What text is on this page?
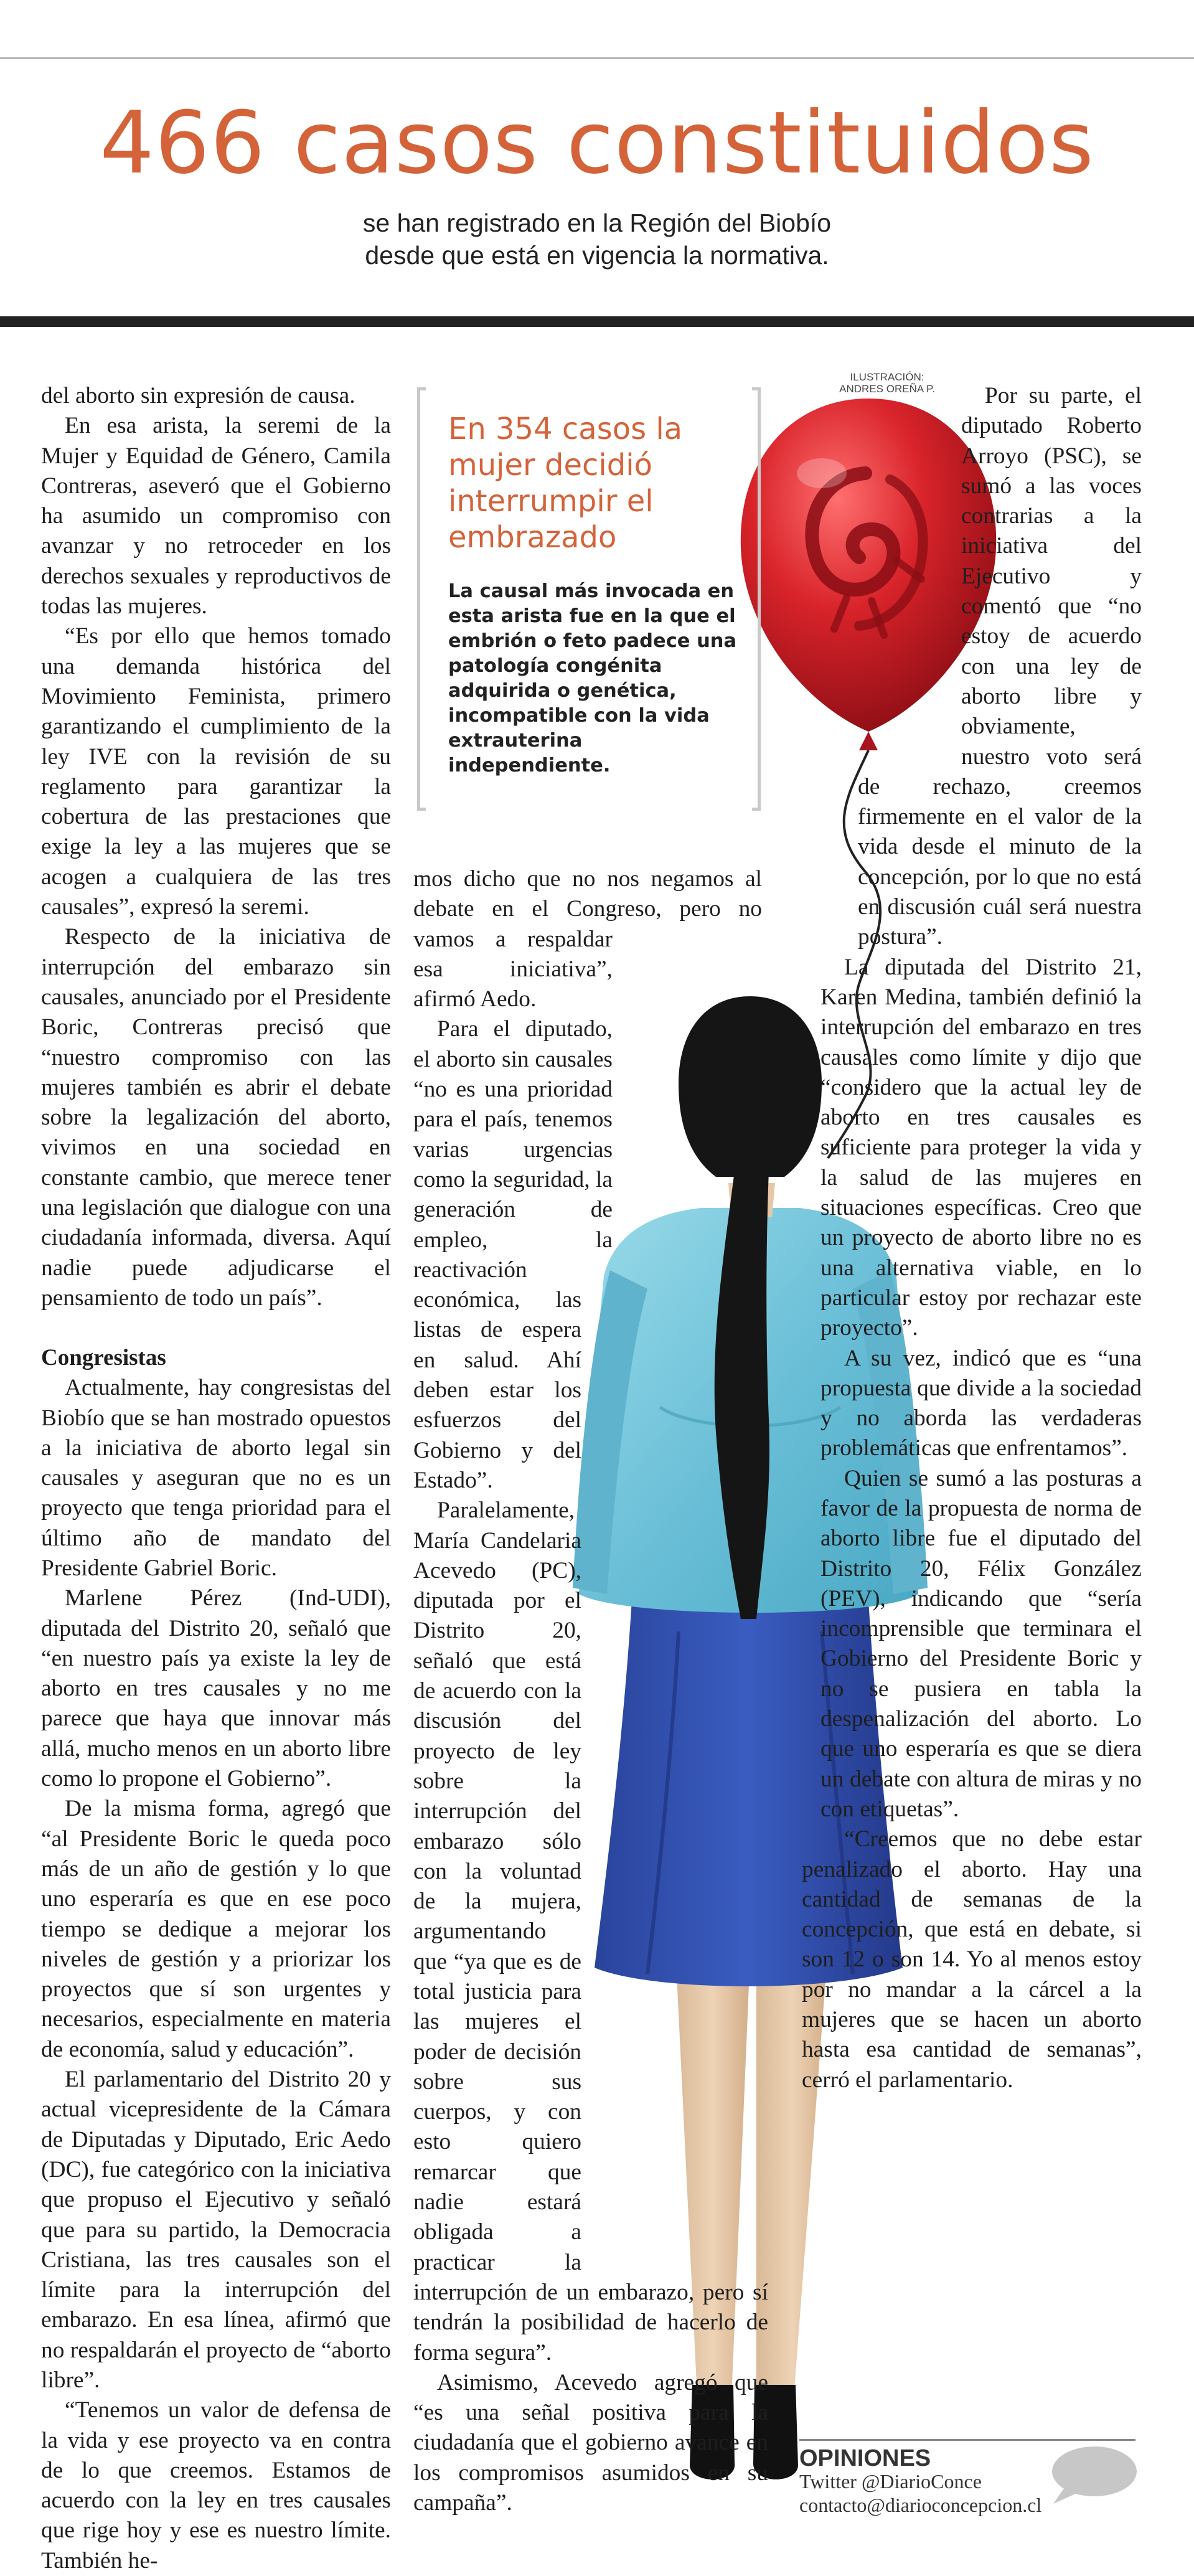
466 casos constituidos
se han registrado en la Región del Biobío
desde que está en vigencia la normativa.
ILUSTRACIÓN:
ANDRES OREÑA P.
En 354 casos la mujer decidió interrumpir el embrazado
La causal más invocada en esta arista fue en la que el embrión o feto padece una patología congénita adquirida o genética, incompatible con la vida extrauterina independiente.

del aborto sin expresión de causa.

En esa arista, la seremi de la Mujer y Equidad de Género, Camila Contreras, aseveró que el Gobierno ha asumido un compromiso con avanzar y no retroceder en los derechos sexuales y reproductivos de todas las mujeres.

“Es por ello que hemos tomado una demanda histórica del Movimiento Feminista, primero garantizando el cumplimiento de la ley IVE con la revisión de su reglamento para garantizar la cobertura de las prestaciones que exige la ley a las mujeres que se acogen a cualquiera de las tres causales”, expresó la seremi.

Respecto de la iniciativa de interrupción del embarazo sin causales, anunciado por el Presidente Boric, Contreras precisó que “nuestro compromiso con las mujeres también es abrir el debate sobre la legalización del aborto, vivimos en una sociedad en constante cambio, que merece tener una legislación que dialogue con una ciudadanía informada, diversa. Aquí nadie puede adjudicarse el pensamiento de todo un país”.

Congresistas

Actualmente, hay congresistas del Biobío que se han mostrado opuestos a la iniciativa de aborto legal sin causales y aseguran que no es un proyecto que tenga prioridad para el último año de mandato del Presidente Gabriel Boric.

Marlene Pérez (Ind-UDI), diputada del Distrito 20, señaló que “en nuestro país ya existe la ley de aborto en tres causales y no me parece que haya que innovar más allá, mucho menos en un aborto libre como lo propone el Gobierno”.

De la misma forma, agregó que “al Presidente Boric le queda poco más de un año de gestión y lo que uno esperaría es que en ese poco tiempo se dedique a mejorar los niveles de gestión y a priorizar los proyectos que sí son urgentes y necesarios, especialmente en materia de economía, salud y educación”.

El parlamentario del Distrito 20 y actual vicepresidente de la Cámara de Diputadas y Diputado, Eric Aedo (DC), fue categórico con la iniciativa que propuso el Ejecutivo y señaló que para su partido, la Democracia Cristiana, las tres causales son el límite para la interrupción del embarazo. En esa línea, afirmó que no respaldarán el proyecto de “aborto libre”.

“Tenemos un valor de defensa de la vida y ese proyecto va en contra de lo que creemos. Estamos de acuerdo con la ley en tres causales que rige hoy y ese es nuestro límite. También he-

mos dicho que no nos negamos al debate en el Congreso, pero no vamos a respaldar esa iniciativa”, afirmó Aedo.

Para el diputado, el aborto sin causales “no es una prioridad para el país, tenemos varias urgencias como la seguridad, la generación de empleo, la reactivación económica, las listas de espera en salud. Ahí deben estar los esfuerzos del Gobierno y del Estado”.

Paralelamente, María Candelaria Acevedo (PC), diputada por el Distrito 20, señaló que está de acuerdo con la discusión del proyecto de ley sobre la interrupción del embarazo sólo con la voluntad de la mujera, argumentando que “ya que es de total justicia para las mujeres el poder de decisión sobre sus cuerpos, y con esto quiero remarcar que nadie estará obligada a practicar la interrupción de un embarazo, pero sí tendrán la posibilidad de hacerlo de forma segura”.

Asimismo, Acevedo agregó que “es una señal positiva para la ciudadanía que el gobierno avance en los compromisos asumidos en su campaña”.

Por su parte, el diputado Roberto Arroyo (PSC), se sumó a las voces contrarias a la iniciativa del Ejecutivo y comentó que “no estoy de acuerdo con una ley de aborto libre y obviamente, nuestro voto será de rechazo, creemos firmemente en el valor de la vida desde el minuto de la concepción, por lo que no está en discusión cuál será nuestra postura”.

La diputada del Distrito 21, Karen Medina, también definió la interrupción del embarazo en tres causales como límite y dijo que “considero que la actual ley de aborto en tres causales es suficiente para proteger la vida y la salud de las mujeres en situaciones específicas. Creo que un proyecto de aborto libre no es una alternativa viable, en lo particular estoy por rechazar este proyecto”.

A su vez, indicó que es “una propuesta que divide a la sociedad y no aborda las verdaderas problemáticas que enfrentamos”.

Quien se sumó a las posturas a favor de la propuesta de norma de aborto libre fue el diputado del Distrito 20, Félix González (PEV), indicando que “sería incomprensible que terminara el Gobierno del Presidente Boric y no se pusiera en tabla la despenalización del aborto. Lo que uno esperaría es que se diera un debate con altura de miras y no con etiquetas”.

“Creemos que no debe estar penalizado el aborto. Hay una cantidad de semanas de la concepción, que está en debate, si son 12 o son 14. Yo al menos estoy por no mandar a la cárcel a la mujeres que se hacen un aborto hasta esa cantidad de semanas”, cerró el parlamentario.

OPINIONES
Twitter @DiarioConce
contacto@diarioconcepcion.cl
